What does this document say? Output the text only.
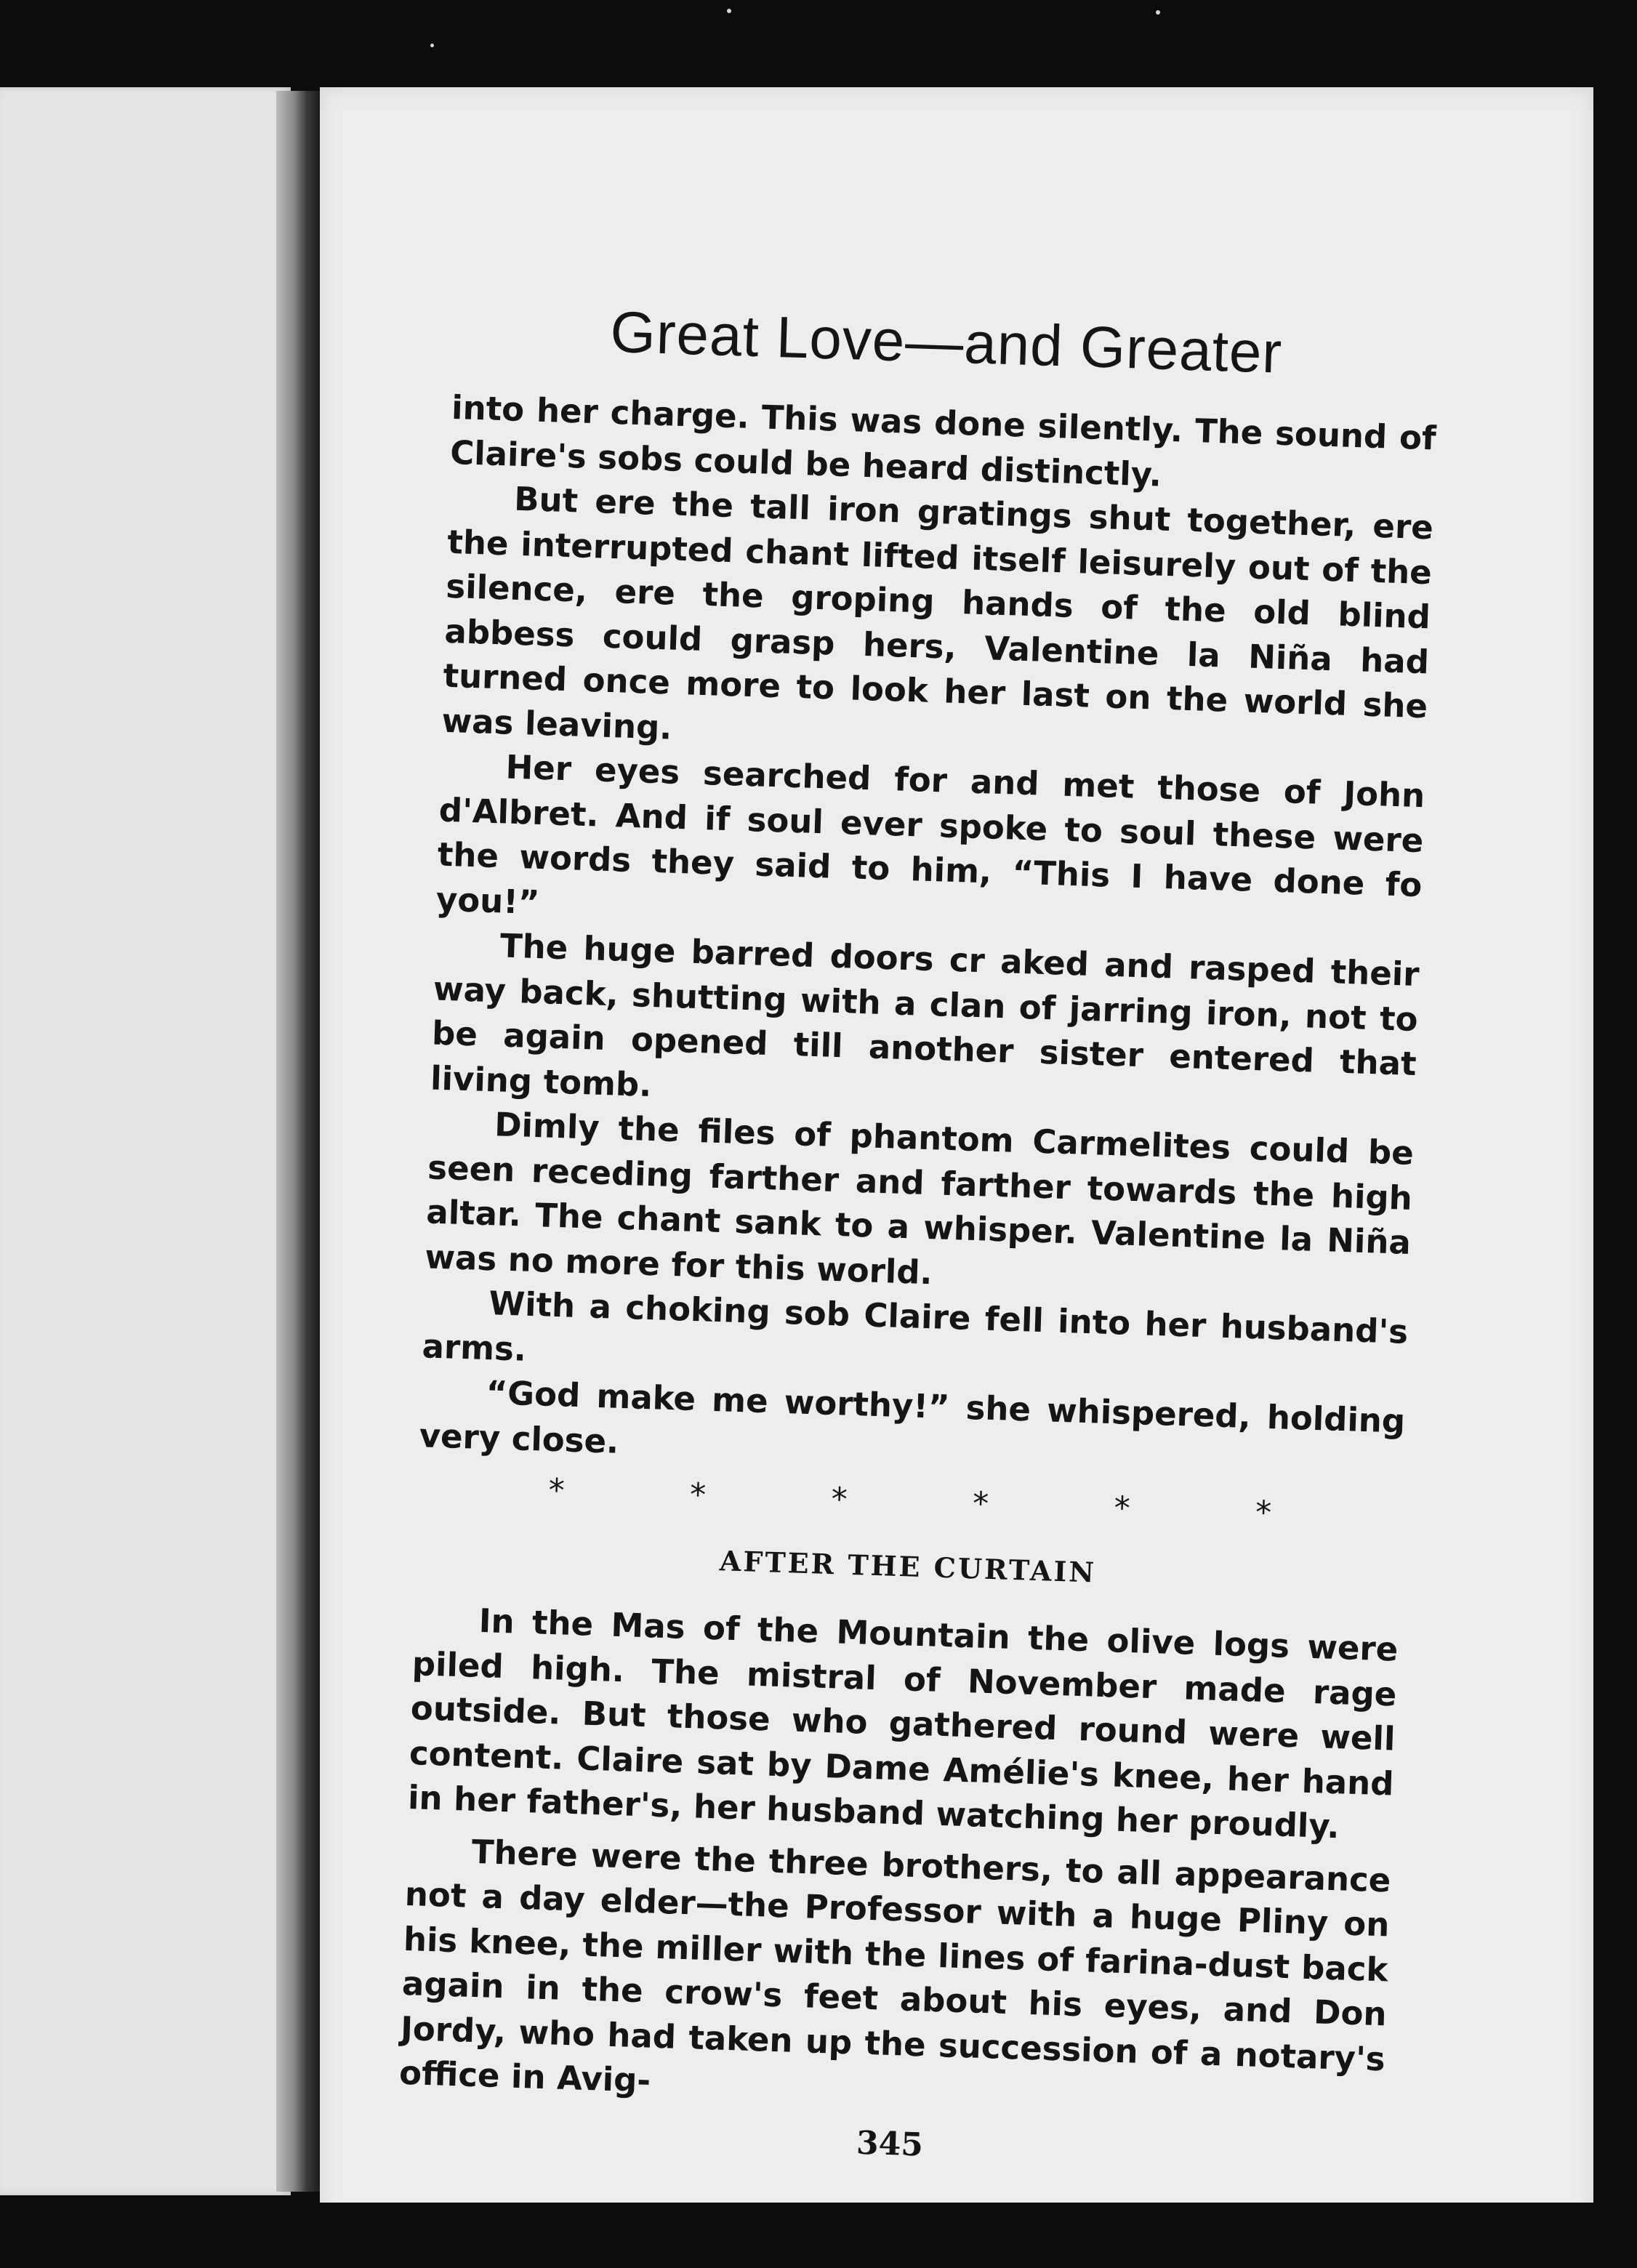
Great Love—and Greater

into her charge. This was done silently. The sound of Claire's sobs could be heard distinctly.

But ere the tall iron gratings shut together, ere the interrupted chant lifted itself leisurely out of the silence, ere the groping hands of the old blind abbess could grasp hers, Valentine la Niña had turned once more to look her last on the world she was leaving.

Her eyes searched for and met those of John d'Albret. And if soul ever spoke to soul these were the words they said to him, “This I have done fo you!”

The huge barred doors cr aked and rasped their way back, shutting with a clan of jarring iron, not to be again opened till another sister entered that living tomb.

Dimly the files of phantom Carmelites could be seen receding farther and farther towards the high altar. The chant sank to a whisper. Valentine la Niña was no more for this world.

With a choking sob Claire fell into her husband's arms.

“God make me worthy!” she whispered, holding very close.

*	*	*	*	*	*
AFTER THE CURTAIN

In the Mas of the Mountain the olive logs were piled high. The mistral of November made rage outside. But those who gathered round were well content. Claire sat by Dame Amélie's knee, her hand in her father's, her husband watching her proudly.

There were the three brothers, to all appearance not a day elder—the Professor with a huge Pliny on his knee, the miller with the lines of farina-dust back again in the crow's feet about his eyes, and Don Jordy, who had taken up the succession of a notary's office in Avig-

345
